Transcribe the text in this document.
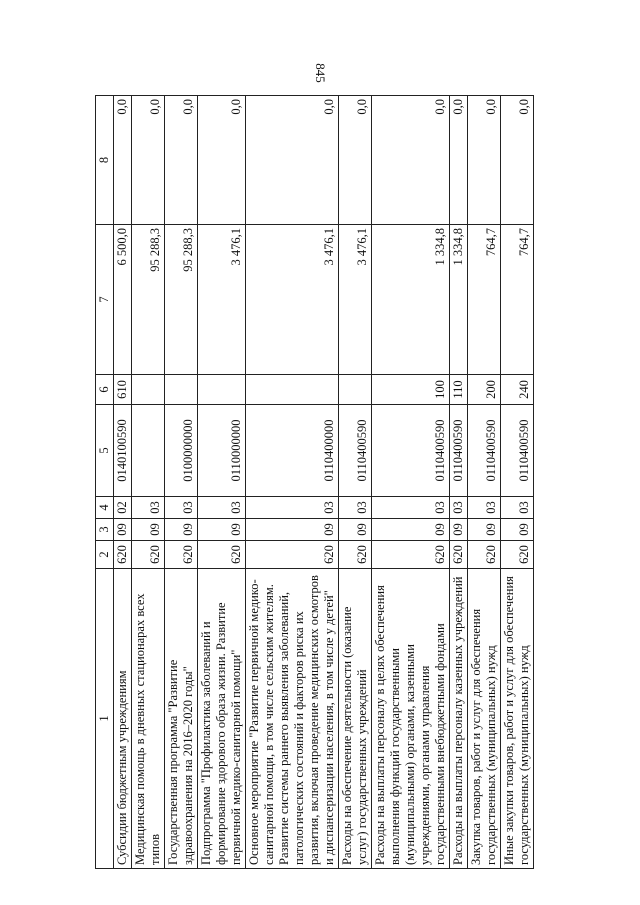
845
1	2	3	4	5	6	7	8
Субсидии бюджетным учреждениям	620	09	02	0140100590	610	6 500,0	0,0
Медицинская помощь в дневных стационарах всех типов	620	09	03			95 288,3	0,0
Государственная программа "Развитие здравоохранения на 2016–2020 годы"	620	09	03	0100000000		95 288,3	0,0
Подпрограмма "Профилактика заболеваний и формирование здорового образа жизни. Развитие первичной медико-санитарной помощи"	620	09	03	0110000000		3 476,1	0,0
Основное мероприятие "Развитие первичной медико-санитарной помощи, в том числе сельским жителям. Развитие системы раннего выявления заболеваний, патологических состояний и факторов риска их развития, включая проведение медицинских осмотров и диспансеризации населения, в том числе у детей"	620	09	03	0110400000		3 476,1	0,0
Расходы на обеспечение деятельности (оказание услуг) государственных учреждений	620	09	03	0110400590		3 476,1	0,0
Расходы на выплаты персоналу в целях обеспечения выполнения функций государственными (муниципальными) органами, казенными учреждениями, органами управления государственными внебюджетными фондами	620	09	03	0110400590	100	1 334,8	0,0
Расходы на выплаты персоналу казенных учреждений	620	09	03	0110400590	110	1 334,8	0,0
Закупка товаров, работ и услуг для обеспечения государственных (муниципальных) нужд	620	09	03	0110400590	200	764,7	0,0
Иные закупки товаров, работ и услуг для обеспечения государственных (муниципальных) нужд	620	09	03	0110400590	240	764,7	0,0
